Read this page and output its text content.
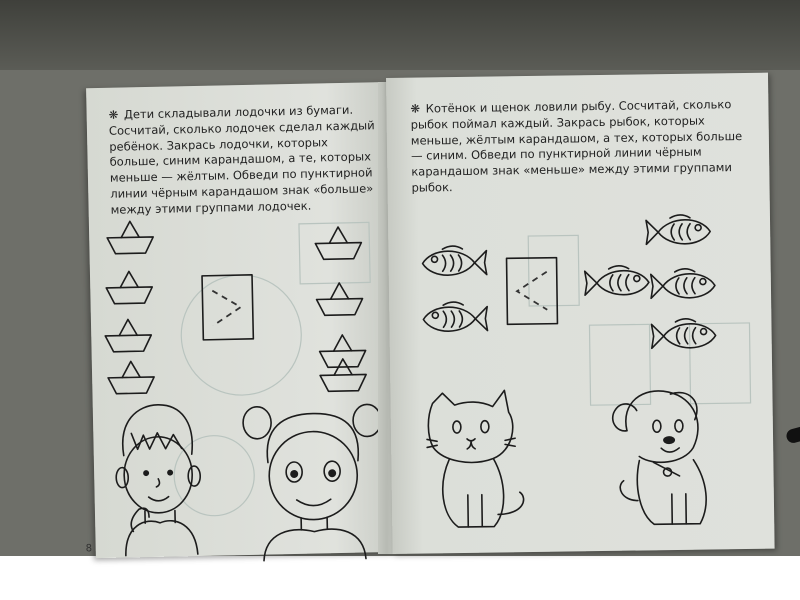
❋ Дети складывали лодочки из бумаги. Сосчитай, сколько лодочек сделал каждый ребёнок. Закрась лодочки, которых больше, синим карандашом, а те, которых меньше — жёлтым. Обведи по пунктирной линии чёрным карандашом знак «больше» между этими группами лодочек.
8
❋ Котёнок и щенок ловили рыбу. Сосчитай, сколько рыбок поймал каждый. Закрась рыбок, которых меньше, жёлтым карандашом, а тех, которых больше — синим. Обведи по пунктирной линии чёрным карандашом знак «меньше» между этими группами рыбок.
